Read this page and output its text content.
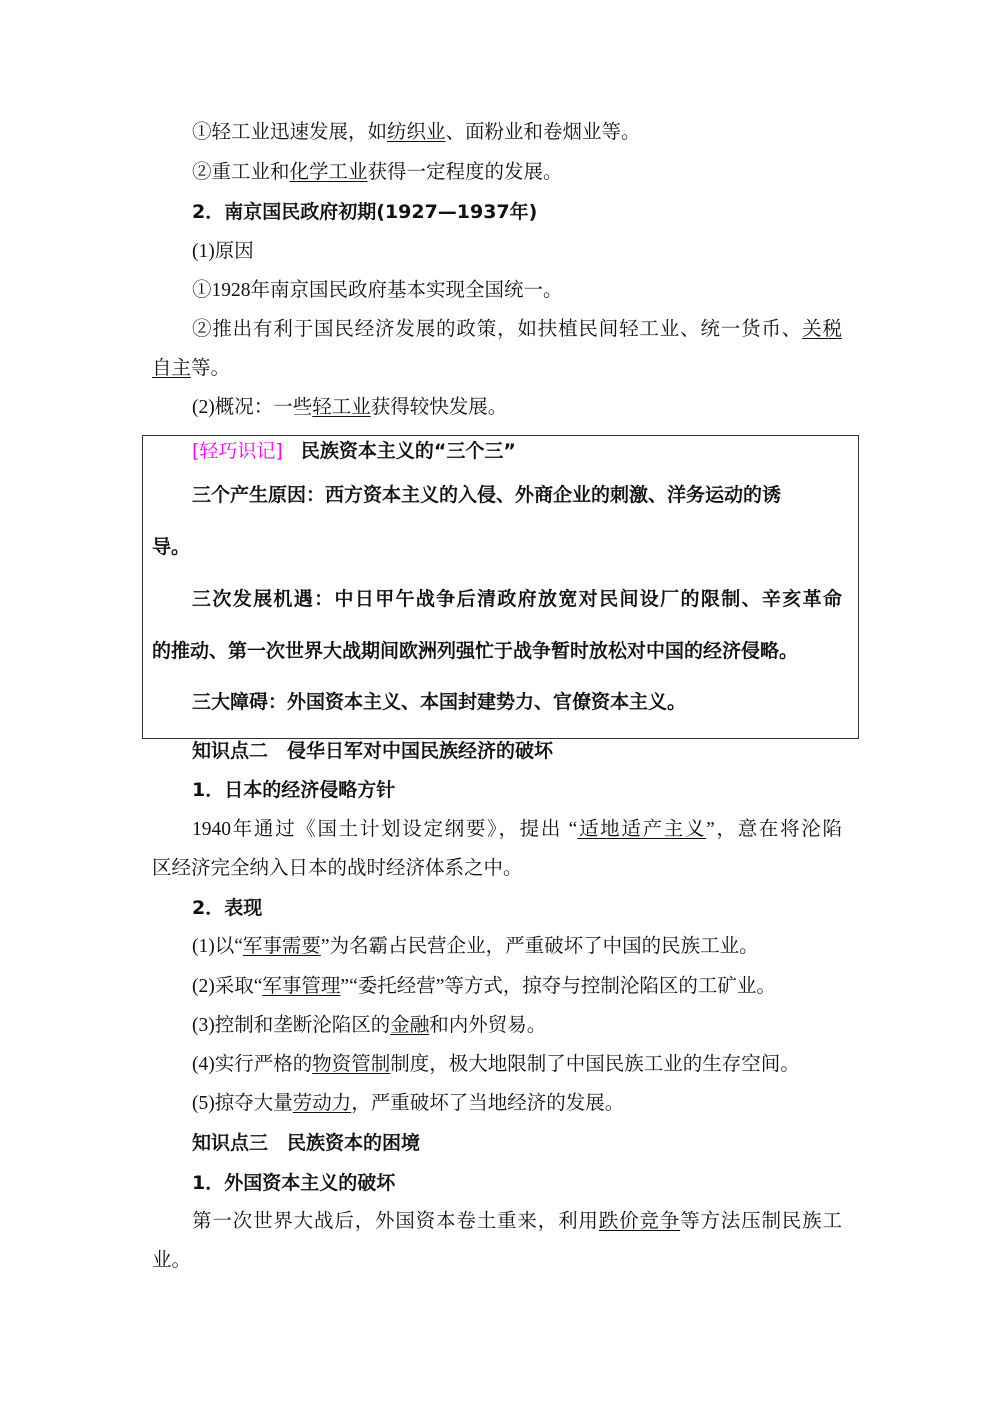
[轻巧识记] 民族资本主义的“三个三”
①轻工业迅速发展，如纺织业、面粉业和卷烟业等。
②重工业和化学工业获得一定程度的发展。
2．南京国民政府初期(1927—1937年)
(1)原因
①1928年南京国民政府基本实现全国统一。
②推出有利于国民经济发展的政策，如扶植民间轻工业、统一货币、关税
自主等。
(2)概况：一些轻工业获得较快发展。
三个产生原因：西方资本主义的入侵、外商企业的刺激、洋务运动的诱
导。
三次发展机遇：中日甲午战争后清政府放宽对民间设厂的限制、辛亥革命
的推动、第一次世界大战期间欧洲列强忙于战争暂时放松对中国的经济侵略。
三大障碍：外国资本主义、本国封建势力、官僚资本主义。
知识点二　侵华日军对中国民族经济的破坏
1．日本的经济侵略方针
1940年通过《国土计划设定纲要》，提出 “适地适产主义”，意在将沦陷
区经济完全纳入日本的战时经济体系之中。
2．表现
(1)以“军事需要”为名霸占民营企业，严重破坏了中国的民族工业。
(2)采取“军事管理”“委托经营”等方式，掠夺与控制沦陷区的工矿业。
(3)控制和垄断沦陷区的金融和内外贸易。
(4)实行严格的物资管制制度，极大地限制了中国民族工业的生存空间。
(5)掠夺大量劳动力，严重破坏了当地经济的发展。
知识点三　民族资本的困境
1．外国资本主义的破坏
第一次世界大战后，外国资本卷土重来，利用跌价竞争等方法压制民族工
业。
